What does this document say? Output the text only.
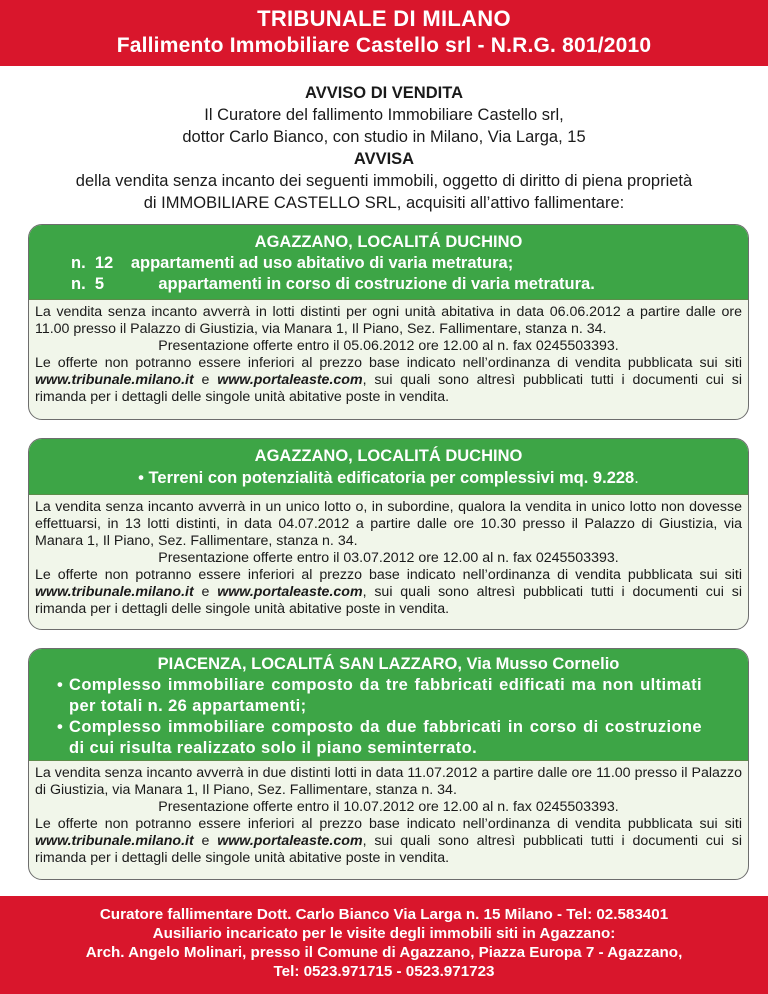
TRIBUNALE DI MILANO
Fallimento Immobiliare Castello srl - N.R.G. 801/2010
AVVISO DI VENDITA
Il Curatore del fallimento Immobiliare Castello srl,
dottor Carlo Bianco, con studio in Milano, Via Larga, 15
AVVISA
della vendita senza incanto dei seguenti immobili, oggetto di diritto di piena proprietà
di IMMOBILIARE CASTELLO SRL, acquisiti all’attivo fallimentare:
AGAZZANO, LOCALITÁ DUCHINO
n.
12	appartamenti ad uso abitativo di varia metratura;
n.
5
	appartamenti in corso di costruzione di varia metratura.

La vendita senza incanto avverrà in lotti distinti per ogni unità abitativa in data 06.06.2012 a partire dalle ore 11.00 presso il Palazzo di Giustizia, via Manara 1, Il Piano, Sez. Fallimentare, stanza n. 34.

Presentazione offerte entro il 05.06.2012 ore 12.00 al n. fax 0245503393.

Le offerte non potranno essere inferiori al prezzo base indicato nell’ordinanza di vendita pubblicata sui siti www.tribunale.milano.it e www.portaleaste.com, sui quali sono altresì pubblicati tutti i documenti cui si rimanda per i dettagli delle singole unità abitative poste in vendita.

AGAZZANO, LOCALITÁ DUCHINO
• Terreni con potenzialità edificatoria per complessivi mq. 9.228.

La vendita senza incanto avverrà in un unico lotto o, in subordine, qualora la vendita in unico lotto non dovesse effettuarsi, in 13 lotti distinti, in data 04.07.2012 a partire dalle ore 10.30 presso il Palazzo di Giustizia, via Manara 1, Il Piano, Sez. Fallimentare, stanza n. 34.

Presentazione offerte entro il 03.07.2012 ore 12.00 al n. fax 0245503393.

Le offerte non potranno essere inferiori al prezzo base indicato nell’ordinanza di vendita pubblicata sui siti www.tribunale.milano.it e www.portaleaste.com, sui quali sono altresì pubblicati tutti i documenti cui si rimanda per i dettagli delle singole unità abitative poste in vendita.

PIACENZA, LOCALITÁ SAN LAZZARO, Via Musso Cornelio
• Complesso immobiliare composto da tre fabbricati edificati ma non ultimati per totali n. 26 appartamenti;
• Complesso immobiliare composto da due fabbricati in corso di costruzione di cui risulta realizzato solo il piano seminterrato.

La vendita senza incanto avverrà in due distinti lotti in data 11.07.2012 a partire dalle ore 11.00 presso il Palazzo di Giustizia, via Manara 1, Il Piano, Sez. Fallimentare, stanza n. 34.

Presentazione offerte entro il 10.07.2012 ore 12.00 al n. fax 0245503393.

Le offerte non potranno essere inferiori al prezzo base indicato nell’ordinanza di vendita pubblicata sui siti www.tribunale.milano.it e www.portaleaste.com, sui quali sono altresì pubblicati tutti i documenti cui si rimanda per i dettagli delle singole unità abitative poste in vendita.

Curatore fallimentare Dott. Carlo Bianco Via Larga n. 15 Milano - Tel: 02.583401
Ausiliario incaricato per le visite degli immobili siti in Agazzano:
Arch. Angelo Molinari, presso il Comune di Agazzano, Piazza Europa 7 - Agazzano,
Tel: 0523.971715 - 0523.971723
